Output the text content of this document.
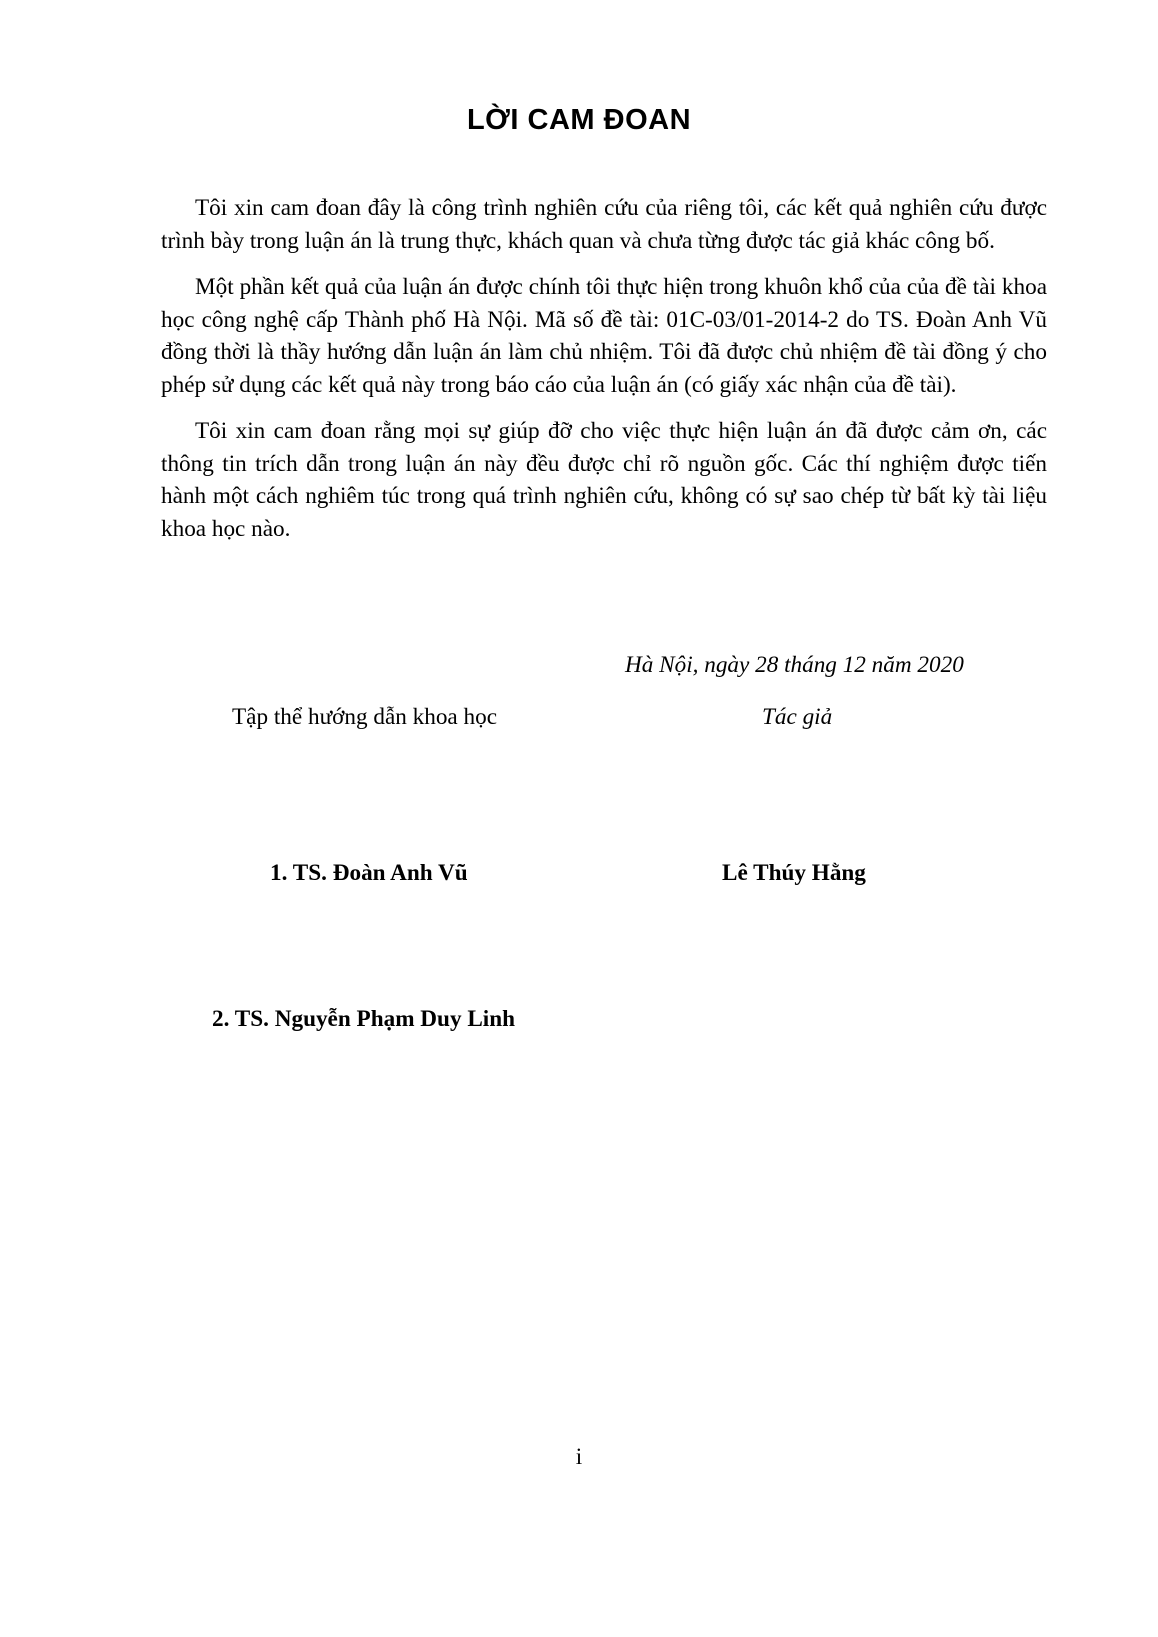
LỜI CAM ĐOAN

Tôi xin cam đoan đây là công trình nghiên cứu của riêng tôi, các kết quả nghiên cứu được trình bày trong luận án là trung thực, khách quan và chưa từng được tác giả khác công bố.

Một phần kết quả của luận án được chính tôi thực hiện trong khuôn khổ của của đề tài khoa học công nghệ cấp Thành phố Hà Nội. Mã số đề tài: 01C-03/01-2014-2 do TS. Đoàn Anh Vũ đồng thời là thầy hướng dẫn luận án làm chủ nhiệm. Tôi đã được chủ nhiệm đề tài đồng ý cho phép sử dụng các kết quả này trong báo cáo của luận án (có giấy xác nhận của đề tài).

Tôi xin cam đoan rằng mọi sự giúp đỡ cho việc thực hiện luận án đã được cảm ơn, các thông tin trích dẫn trong luận án này đều được chỉ rõ nguồn gốc. Các thí nghiệm được tiến hành một cách nghiêm túc trong quá trình nghiên cứu, không có sự sao chép từ bất kỳ tài liệu khoa học nào.

Hà Nội, ngày 28 tháng 12 năm 2020
Tập thể hướng dẫn khoa học	Tác giả
1. TS. Đoàn Anh Vũ	Lê Thúy Hằng
2. TS. Nguyễn Phạm Duy Linh
i
